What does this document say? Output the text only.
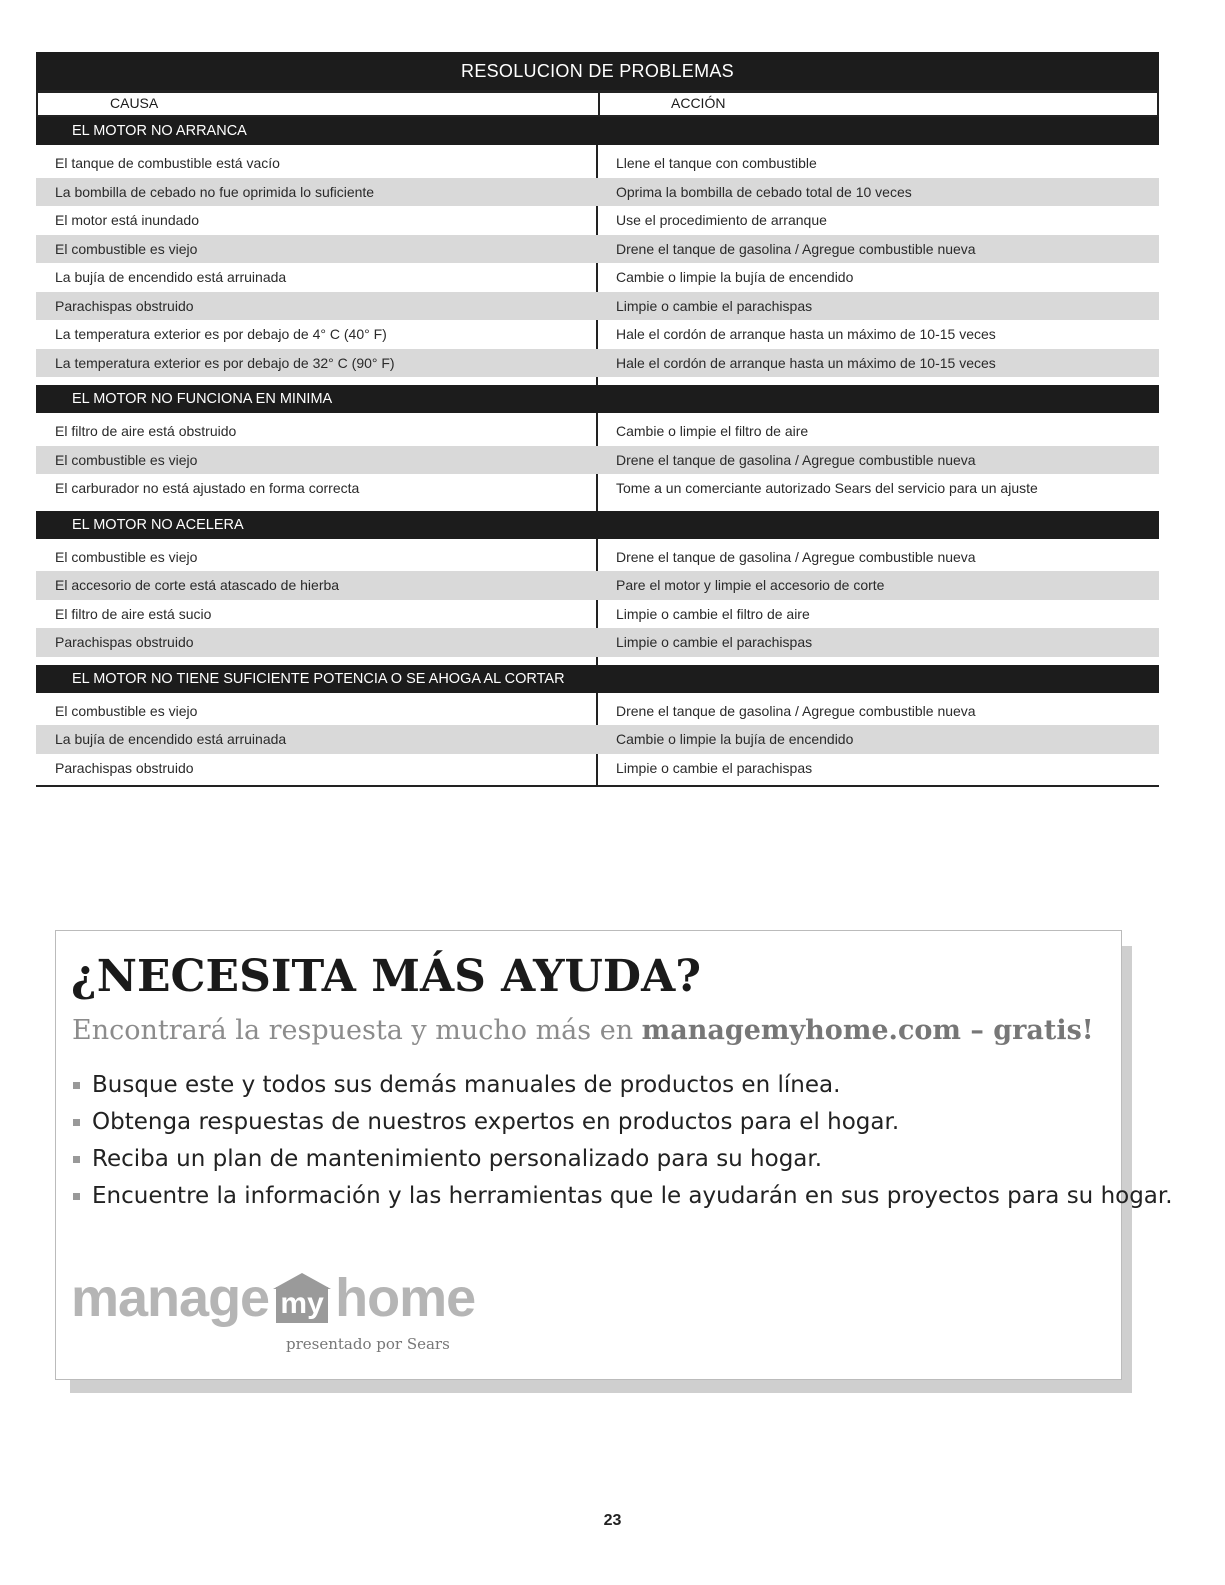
RESOLUCION DE PROBLEMAS
CAUSA	ACCIÓN
EL MOTOR NO ARRANCA
El tanque de combustible está vacío	Llene el tanque con combustible
La bombilla de cebado no fue oprimida lo suficiente	Oprima la bombilla de cebado total de 10 veces
El motor está inundado	Use el procedimiento de arranque
El combustible es viejo	Drene el tanque de gasolina / Agregue combustible nueva
La bujía de encendido está arruinada	Cambie o limpie la bujía de encendido
Parachispas obstruido	Limpie o cambie el parachispas
La temperatura exterior es por debajo de 4° C (40° F)	Hale el cordón de arranque hasta un máximo de 10-15 veces
La temperatura exterior es por debajo de 32° C (90° F)	Hale el cordón de arranque hasta un máximo de 10-15 veces
EL MOTOR NO FUNCIONA EN MINIMA
El filtro de aire está obstruido	Cambie o limpie el filtro de aire
El combustible es viejo	Drene el tanque de gasolina / Agregue combustible nueva
El carburador no está ajustado en forma correcta	Tome a un comerciante autorizado Sears del servicio para un ajuste
EL MOTOR NO ACELERA
El combustible es viejo	Drene el tanque de gasolina / Agregue combustible nueva
El accesorio de corte está atascado de hierba	Pare el motor y limpie el accesorio de corte
El filtro de aire está sucio	Limpie o cambie el filtro de aire
Parachispas obstruido	Limpie o cambie el parachispas
EL MOTOR NO TIENE SUFICIENTE POTENCIA O SE AHOGA AL CORTAR
El combustible es viejo	Drene el tanque de gasolina / Agregue combustible nueva
La bujía de encendido está arruinada	Cambie o limpie la bujía de encendido
Parachispas obstruido	Limpie o cambie el parachispas
¿NECESITA MÁS AYUDA?
Encontrará la respuesta y mucho más en managemyhome.com – gratis!
Busque este y todos sus demás manuales de productos en línea.
Obtenga respuestas de nuestros expertos en productos para el hogar.
Reciba un plan de mantenimiento personalizado para su hogar.
Encuentre la información y las herramientas que le ayudarán en sus proyectos para su hogar.
manage my home
presentado por Sears
23
